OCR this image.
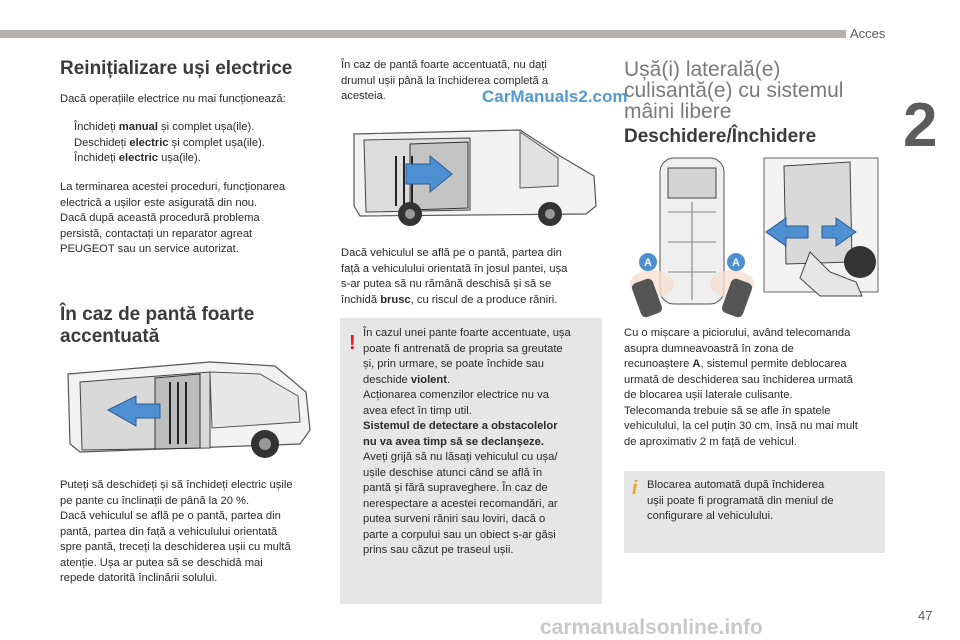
Acces
2
47
CarManuals2.com
carmanualsonline.info
Reinițializare uși electrice
Dacă operațiile electrice nu mai funcționează:
Închideți manual și complet ușa(ile).
Deschideți electric și complet ușa(ile).
Închideți electric ușa(ile).
La terminarea acestei proceduri, funcționarea
electrică a ușilor este asigurată din nou.
Dacă după această procedură problema
persistă, contactați un reparator agreat
PEUGEOT sau un service autorizat.
În caz de pantă foarte
accentuată
Puteți să deschideți și să închideți electric ușile
pe pante cu înclinații de până la 20 %.
Dacă vehiculul se află pe o pantă, partea din
pantă, partea din față a vehiculului orientată
spre pantă, treceți la deschiderea ușii cu multă
atenție. Ușa ar putea să se deschidă mai
repede datorită înclinării solului.
În caz de pantă foarte accentuată, nu dați
drumul ușii până la închiderea completă a
acesteia.
Dacă vehiculul se află pe o pantă, partea din
față a vehiculului orientată în josul pantei, ușa
s-ar putea să nu rămână deschisă și să se
închidă brusc, cu riscul de a produce răniri.
! În cazul unei pante foarte accentuate, ușa
poate fi antrenată de propria sa greutate
și, prin urmare, se poate închide sau
deschide violent.
Acționarea comenzilor electrice nu va
avea efect în timp util.
Sistemul de detectare a obstacolelor
nu va avea timp să se declanșeze.
Aveți grijă să nu lăsați vehiculul cu ușa/
ușile deschise atunci când se află în
pantă și fără supraveghere. În caz de
nerespectare a acestei recomandări, ar
putea surveni răniri sau loviri, dacă o
parte a corpului sau un obiect s-ar găsi
prins sau căzut pe traseul ușii.
Ușă(i) laterală(e)
culisantă(e) cu sistemul
mâini libere
Deschidere/Închidere
A	A
Cu o mișcare a piciorului, având telecomanda
asupra dumneavoastră în zona de
recunoaștere A, sistemul permite deblocarea
urmată de deschiderea sau închiderea urmată
de blocarea ușii laterale culisante.
Telecomanda trebuie să se afle în spatele
vehiculului, la cel puțin 30 cm, însă nu mai mult
de aproximativ 2 m față de vehicul.
i Blocarea automată după închiderea
ușii poate fi programată din meniul de
configurare al vehiculului.
